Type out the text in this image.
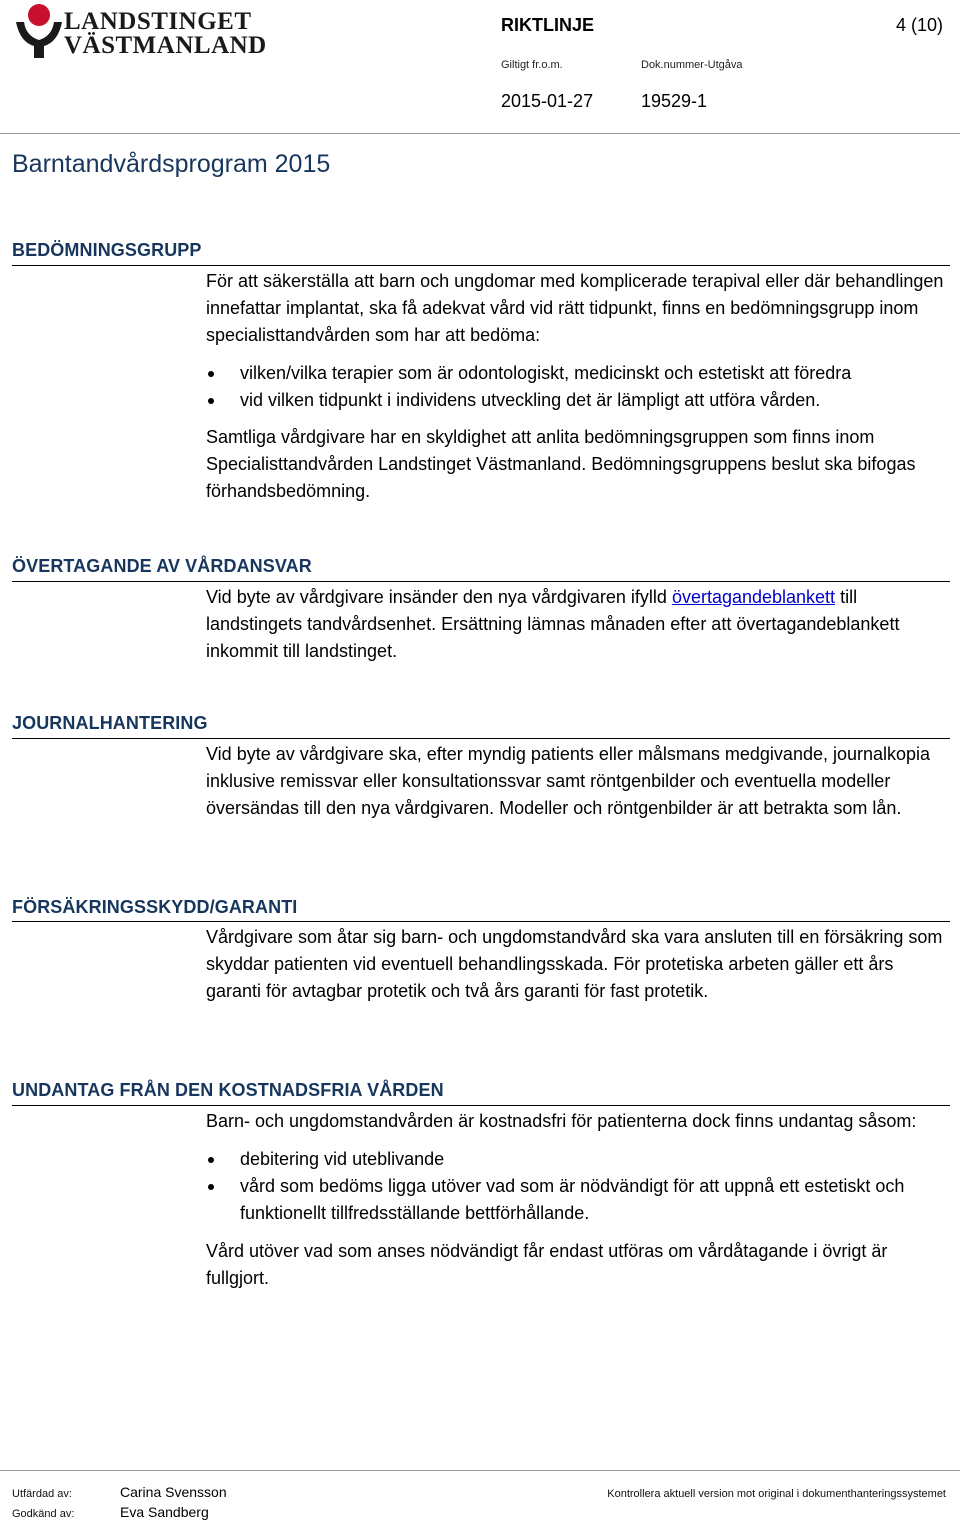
LANDSTINGET
VÄSTMANLAND
RIKTLINJE	4 (10)
Giltigt fr.o.m.	Dok.nummer-Utgåva
2015-01-27	19529-1
Barntandvårdsprogram 2015
BEDÖMNINGSGRUPP

För att säkerställa att barn och ungdomar med komplicerade terapival eller där behandlingen innefattar implantat, ska få adekvat vård vid rätt tidpunkt, finns en bedömningsgrupp inom specialisttandvården som har att bedöma:

vilken/vilka terapier som är odontologiskt, medicinskt och estetiskt att föredra
vid vilken tidpunkt i individens utveckling det är lämpligt att utföra vården.

Samtliga vårdgivare har en skyldighet att anlita bedömningsgruppen som finns inom Specialisttandvården Landstinget Västmanland. Bedömningsgruppens beslut ska bifogas förhandsbedömning.

ÖVERTAGANDE AV VÅRDANSVAR

Vid byte av vårdgivare insänder den nya vårdgivaren ifylld övertagandeblankett till landstingets tandvårdsenhet. Ersättning lämnas månaden efter att övertagandeblankett inkommit till landstinget.

JOURNALHANTERING

Vid byte av vårdgivare ska, efter myndig patients eller målsmans medgivande, journalkopia inklusive remissvar eller konsultationssvar samt röntgenbilder och eventuella modeller översändas till den nya vårdgivaren. Modeller och röntgenbilder är att betrakta som lån.

FÖRSÄKRINGSSKYDD/GARANTI

Vårdgivare som åtar sig barn- och ungdomstandvård ska vara ansluten till en försäkring som skyddar patienten vid eventuell behandlingsskada. För protetiska arbeten gäller ett års garanti för avtagbar protetik och två års garanti för fast protetik.

UNDANTAG FRÅN DEN KOSTNADSFRIA VÅRDEN

Barn- och ungdomstandvården är kostnadsfri för patienterna dock finns undantag såsom:

debitering vid uteblivande
vård som bedöms ligga utöver vad som är nödvändigt för att uppnå ett estetiskt och funktionellt tillfredsställande bettförhållande.

Vård utöver vad som anses nödvändigt får endast utföras om vårdåtagande i övrigt är fullgjort.

Utfärdad av:	Carina Svensson
Godkänd av:	Eva Sandberg
Kontrollera aktuell version mot original i dokumenthanteringssystemet
